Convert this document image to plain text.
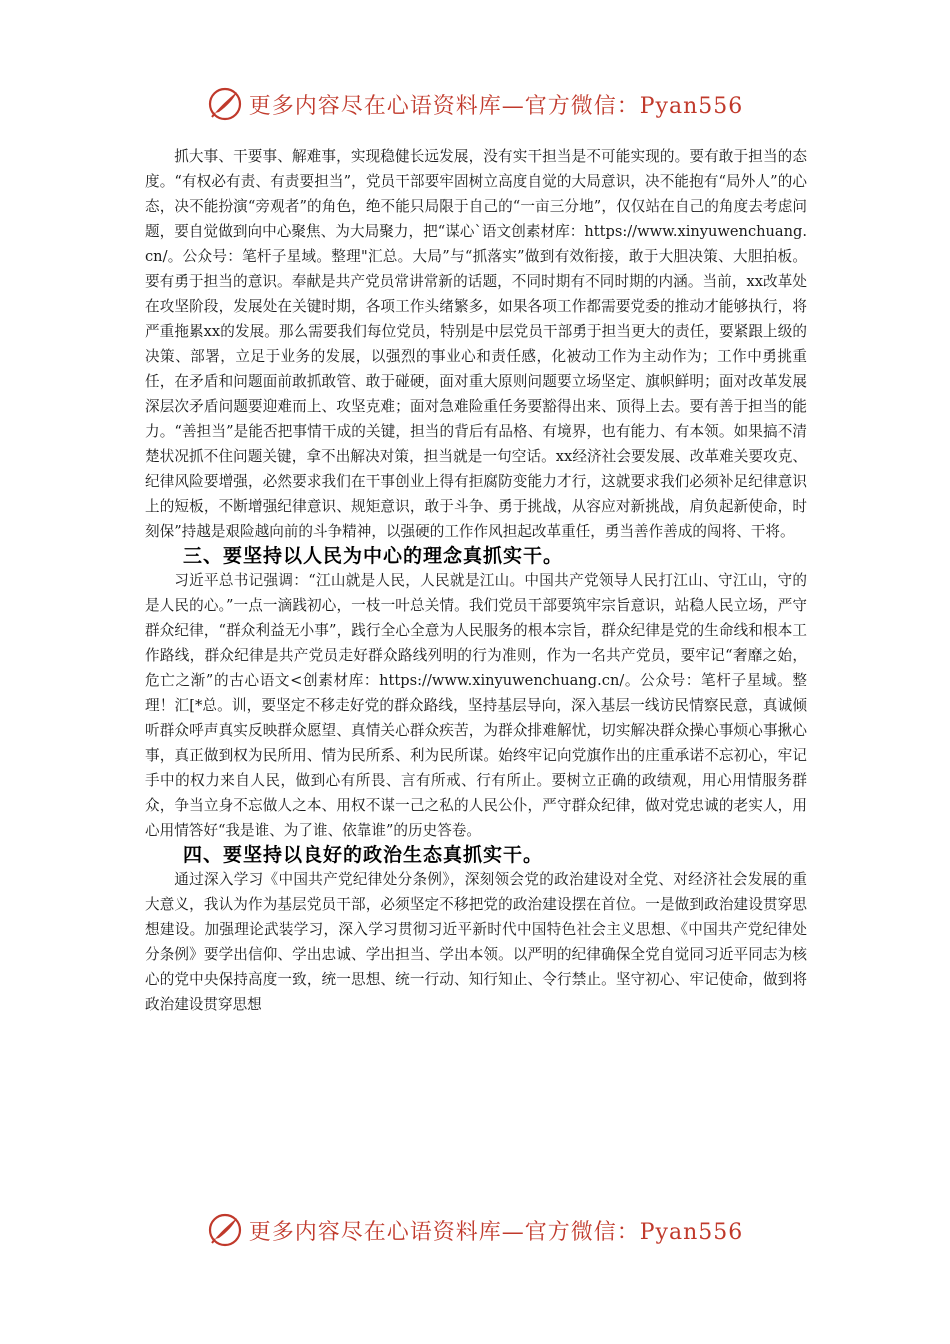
更多内容尽在心语资料库—官方微信：Pyan556

抓大事、干要事、解难事，实现稳健长远发展，没有实干担当是不可能实现的。要有敢于担当的态度。“有权必有责、有责要担当”，党员干部要牢固树立高度自觉的大局意识，决不能抱有“局外人”的心态，决不能扮演“旁观者”的角色，绝不能只局限于自己的“一亩三分地”，仅仅站在自己的角度去考虑问题，要自觉做到向中心聚焦、为大局聚力，把“谋心`语文创素材库：https://www.xinyuwenchuang.cn/。公众号：笔杆子星域。整理"汇总。大局”与“抓落实”做到有效衔接，敢于大胆决策、大胆拍板。要有勇于担当的意识。奉献是共产党员常讲常新的话题，不同时期有不同时期的内涵。当前，xx改革处在攻坚阶段，发展处在关键时期，各项工作头绪繁多，如果各项工作都需要党委的推动才能够执行，将严重拖累xx的发展。那么需要我们每位党员，特别是中层党员干部勇于担当更大的责任，要紧跟上级的决策、部署，立足于业务的发展，以强烈的事业心和责任感，化被动工作为主动作为；工作中勇挑重任，在矛盾和问题面前敢抓敢管、敢于碰硬，面对重大原则问题要立场坚定、旗帜鲜明；面对改革发展深层次矛盾问题要迎难而上、攻坚克难；面对急难险重任务要豁得出来、顶得上去。要有善于担当的能力。“善担当”是能否把事情干成的关键，担当的背后有品格、有境界，也有能力、有本领。如果搞不清楚状况抓不住问题关键，拿不出解决对策，担当就是一句空话。xx经济社会要发展、改革难关要攻克、纪律风险要增强，必然要求我们在干事创业上得有拒腐防变能力才行，这就要求我们必须补足纪律意识上的短板，不断增强纪律意识、规矩意识，敢于斗争、勇于挑战，从容应对新挑战，肩负起新使命，时刻保”持越是艰险越向前的斗争精神，以强硬的工作作风担起改革重任，勇当善作善成的闯将、干将。

三、要坚持以人民为中心的理念真抓实干。

习近平总书记强调：“江山就是人民，人民就是江山。中国共产党领导人民打江山、守江山，守的是人民的心。”一点一滴践初心，一枝一叶总关情。我们党员干部要筑牢宗旨意识，站稳人民立场，严守群众纪律，“群众利益无小事”，践行全心全意为人民服务的根本宗旨，群众纪律是党的生命线和根本工作路线，群众纪律是共产党员走好群众路线列明的行为准则，作为一名共产党员，要牢记“奢靡之始，危亡之渐”的古心语文<创素材库：https://www.xinyuwenchuang.cn/。公众号：笔杆子星域。整理！汇[*总。训，要坚定不移走好党的群众路线，坚持基层导向，深入基层一线访民情察民意，真诚倾听群众呼声真实反映群众愿望、真情关心群众疾苦，为群众排难解忧，切实解决群众操心事烦心事揪心事，真正做到权为民所用、情为民所系、利为民所谋。始终牢记向党旗作出的庄重承诺不忘初心，牢记手中的权力来自人民，做到心有所畏、言有所戒、行有所止。要树立正确的政绩观，用心用情服务群众，争当立身不忘做人之本、用权不谋一己之私的人民公仆，严守群众纪律，做对党忠诚的老实人，用心用情答好“我是谁、为了谁、依靠谁”的历史答卷。

四、要坚持以良好的政治生态真抓实干。

通过深入学习《中国共产党纪律处分条例》，深刻领会党的政治建设对全党、对经济社会发展的重大意义，我认为作为基层党员干部，必须坚定不移把党的政治建设摆在首位。一是做到政治建设贯穿思想建设。加强理论武装学习，深入学习贯彻习近平新时代中国特色社会主义思想、《中国共产党纪律处分条例》要学出信仰、学出忠诚、学出担当、学出本领。以严明的纪律确保全党自觉同习近平同志为核心的党中央保持高度一致，统一思想、统一行动、知行知止、令行禁止。坚守初心、牢记使命，做到将政治建设贯穿思想

更多内容尽在心语资料库—官方微信：Pyan556
